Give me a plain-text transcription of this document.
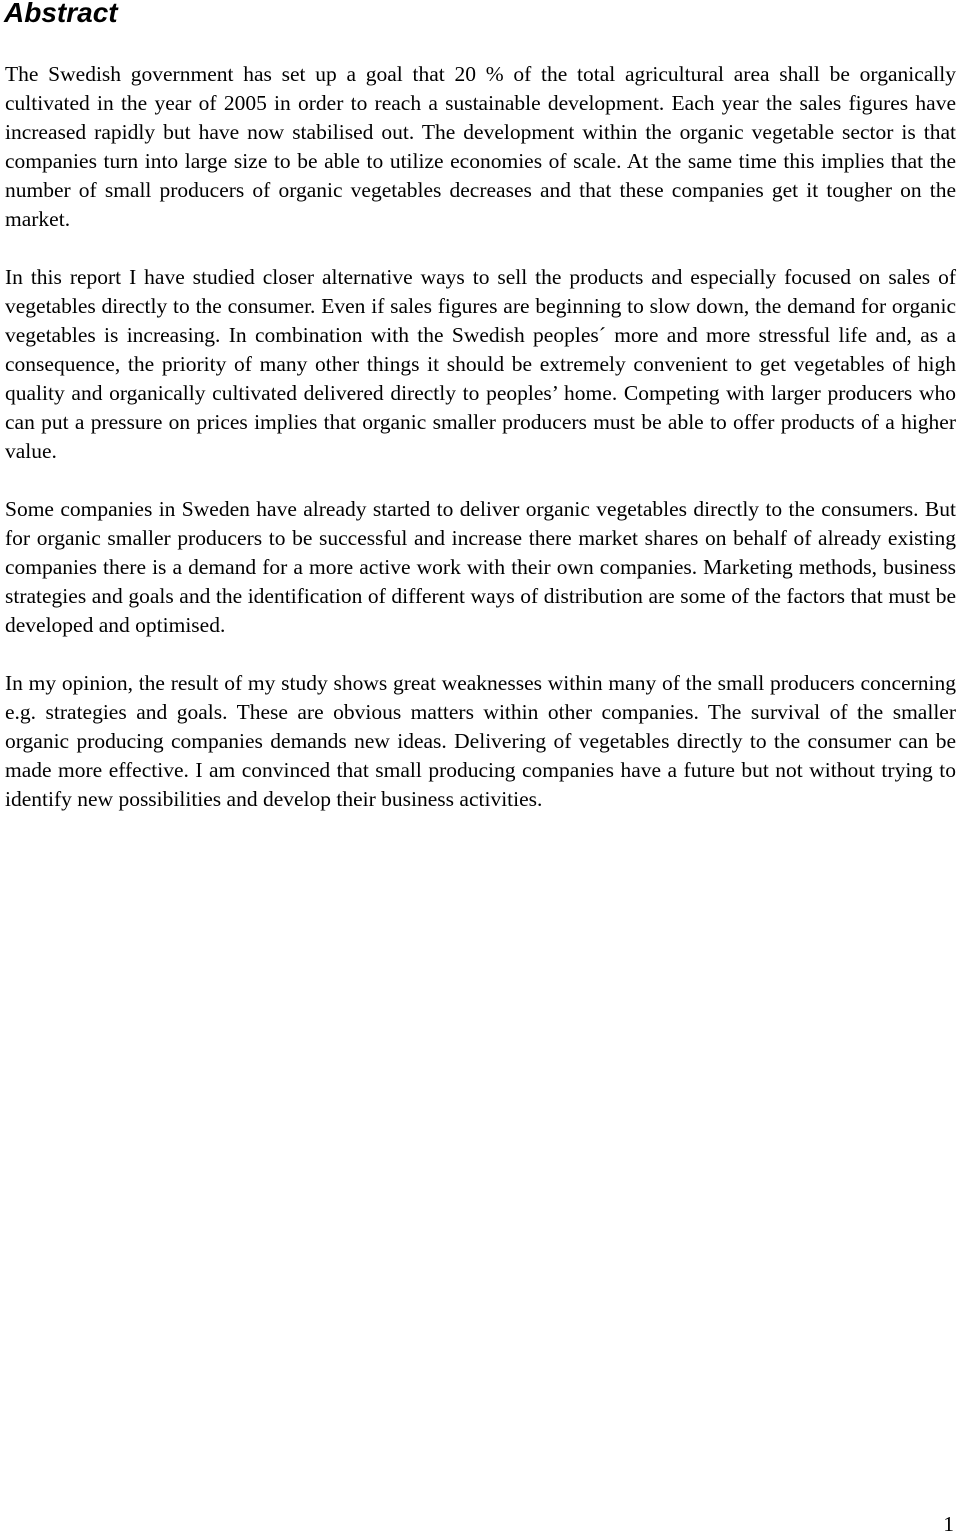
Abstract

The Swedish government has set up a goal that 20 % of the total agricultural area shall be organically cultivated in the year of 2005 in order to reach a sustainable development. Each year the sales figures have increased rapidly but have now stabilised out. The development within the organic vegetable sector is that companies turn into large size to be able to utilize economies of scale. At the same time this implies that the number of small producers of organic vegetables decreases and that these companies get it tougher on the market.

In this report I have studied closer alternative ways to sell the products and especially focused on sales of vegetables directly to the consumer. Even if sales figures are beginning to slow down, the demand for organic vegetables is increasing. In combination with the Swedish peoples´ more and more stressful life and, as a consequence, the priority of many other things it should be extremely convenient to get vegetables of high quality and organically cultivated delivered directly to peoples’ home. Competing with larger producers who can put a pressure on prices implies that organic smaller producers must be able to offer products of a higher value.

Some companies in Sweden have already started to deliver organic vegetables directly to the consumers. But for organic smaller producers to be successful and increase there market shares on behalf of already existing companies there is a demand for a more active work with their own companies. Marketing methods, business strategies and goals and the identification of different ways of distribution are some of the factors that must be developed and optimised.

In my opinion, the result of my study shows great weaknesses within many of the small producers concerning e.g. strategies and goals. These are obvious matters within other companies. The survival of the smaller organic producing companies demands new ideas. Delivering of vegetables directly to the consumer can be made more effective. I am convinced that small producing companies have a future but not without trying to identify new possibilities and develop their business activities.

1
